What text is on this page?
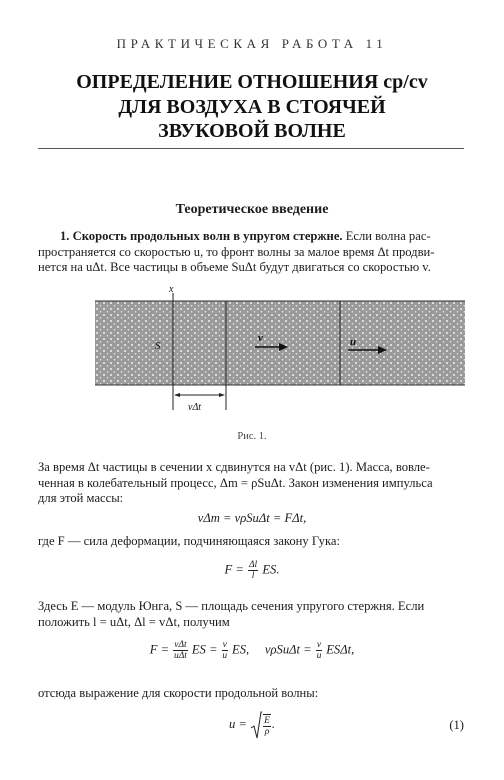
ПРАКТИЧЕСКАЯ РАБОТА 11
ОПРЕДЕЛЕНИЕ ОТНОШЕНИЯ cp/cv
ДЛЯ ВОЗДУХА В СТОЯЧЕЙ
ЗВУКОВОЙ ВОЛНЕ
Теоретическое введение
1. Скорость продольных волн в упругом стержне. Если волна рас-
пространяется со скоростью u, то фронт волны за малое время Δt продви-
нется на uΔt. Все частицы в объеме SuΔt будут двигаться со скоростью v.
x
S
v	u
vΔt
Рис. 1.
За время Δt частицы в сечении x сдвинутся на vΔt (рис. 1). Масса, вовле-
ченная в колебательный процесс, Δm = ρSuΔt. Закон изменения импульса
для этой массы:
vΔm = vρSuΔt = FΔt,
где F — сила деформации, подчиняющаяся закону Гука:
$F = \frac{\Delta l}{l}$ ES.
Здесь E — модуль Юнга, S — площадь сечения упругого стержня. Если
положить l = uΔt, Δl = vΔt, получим
$F = \frac{\text{vΔt}}{\text{uΔt}}$ ES = $\frac{v}{u}$ ES,     $v\rho Su\Delta t = \frac{v}{u} ES\Delta t$,
отсюда выражение для скорости продольной волны:
$u = \frac{E}{\rho}$ .	(1)
